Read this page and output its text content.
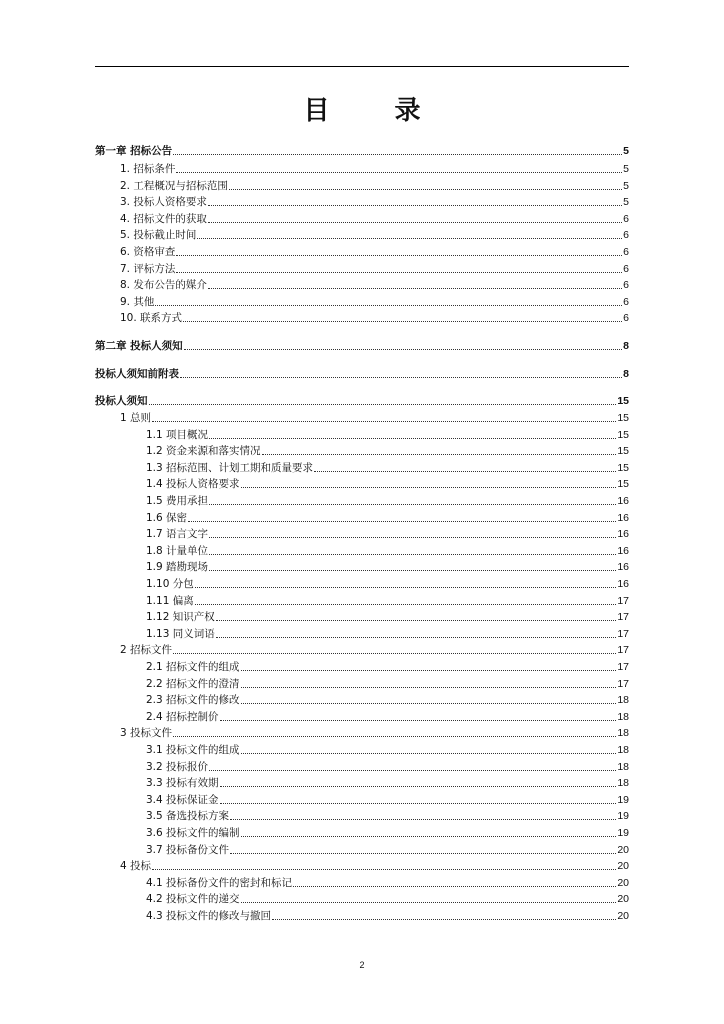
目 录
第一章 招标公告	5
1. 招标条件	5
2. 工程概况与招标范围	5
3. 投标人资格要求	5
4. 招标文件的获取	6
5. 投标截止时间	6
6. 资格审查	6
7. 评标方法	6
8. 发布公告的媒介	6
9. 其他	6
10. 联系方式	6
第二章 投标人须知	8
投标人须知前附表	8
投标人须知	15
1 总则	15
1.1 项目概况	15
1.2 资金来源和落实情况	15
1.3 招标范围、计划工期和质量要求	15
1.4 投标人资格要求	15
1.5 费用承担	16
1.6 保密	16
1.7 语言文字	16
1.8 计量单位	16
1.9 踏勘现场	16
1.10 分包	16
1.11 偏离	17
1.12 知识产权	17
1.13 同义词语	17
2 招标文件	17
2.1 招标文件的组成	17
2.2 招标文件的澄清	17
2.3 招标文件的修改	18
2.4 招标控制价	18
3 投标文件	18
3.1 投标文件的组成	18
3.2 投标报价	18
3.3 投标有效期	18
3.4 投标保证金	19
3.5 备选投标方案	19
3.6 投标文件的编制	19
3.7 投标备份文件	20
4 投标	20
4.1 投标备份文件的密封和标记	20
4.2 投标文件的递交	20
4.3 投标文件的修改与撤回	20
2
